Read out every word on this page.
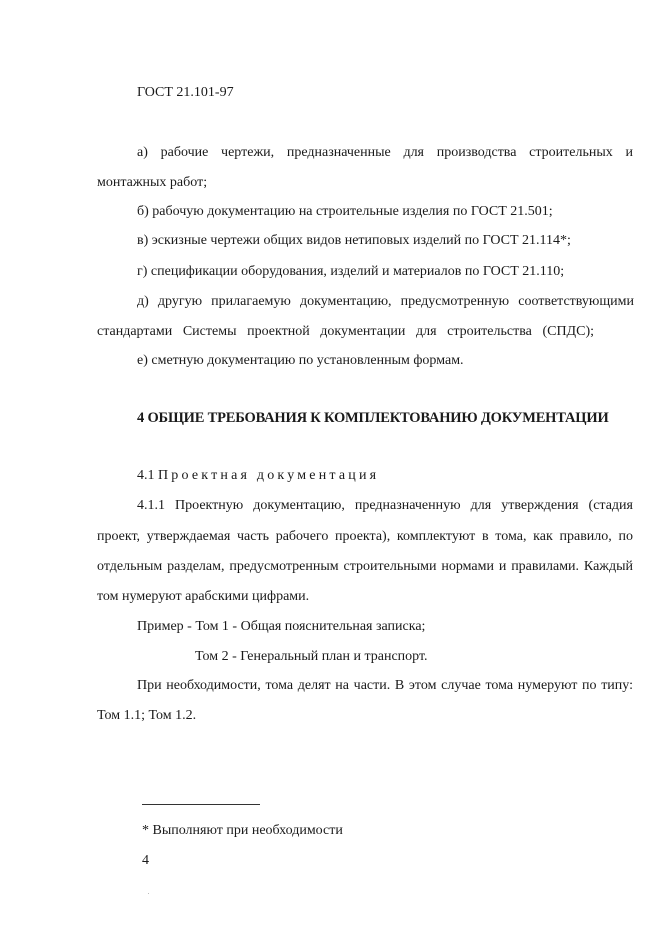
ГОСТ 21.101-97
а) рабочие чертежи, предназначенные для производства строительных и
монтажных работ;
б) рабочую документацию на строительные изделия по ГОСТ 21.501;
в) эскизные чертежи общих видов нетиповых изделий по ГОСТ 21.114*;
г) спецификации оборудования, изделий и материалов по ГОСТ 21.110;
д) другую прилагаемую документацию, предусмотренную соответствующими
стандартами Системы проектной документации для строительства (СПДС);
е) сметную документацию по установленным формам.
4 ОБЩИЕ ТРЕБОВАНИЯ К КОМПЛЕКТОВАНИЮ ДОКУМЕНТАЦИИ
4.1 Проектная документация
4.1.1 Проектную документацию, предназначенную для утверждения (стадия
проект, утверждаемая часть рабочего проекта), комплектуют в тома, как правило, по
отдельным разделам, предусмотренным строительными нормами и правилами. Каждый
том нумеруют арабскими цифрами.
Пример - Том 1 - Общая пояснительная записка;
Том 2 - Генеральный план и транспорт.
При необходимости, тома делят на части. В этом случае тома нумеруют по типу:
Том 1.1; Том 1.2.
* Выполняют при необходимости
4
